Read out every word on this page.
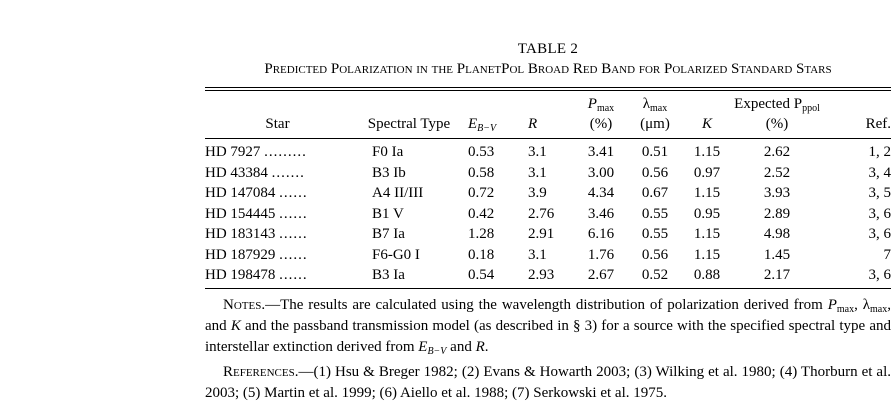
TABLE 2
Predicted Polarization in the PlanetPol Broad Red Band for Polarized Standard Stars
				$P_{max}$	$\lambda_{max}$		Expected $P_{ppol}$	
Star	Spectral Type	$E_{B-V}$	R	(%)	(μm)	K	(%)	Ref.

HD 7927 .........	F0 Ia	0.53	3.1	3.41	0.51	1.15	2.62	1, 2
HD 43384 .......	B3 Ib	0.58	3.1	3.00	0.56	0.97	2.52	3, 4
HD 147084 ......	A4 II/III	0.72	3.9	4.34	0.67	1.15	3.93	3, 5
HD 154445 ......	B1 V	0.42	2.76	3.46	0.55	0.95	2.89	3, 6
HD 183143 ......	B7 Ia	1.28	2.91	6.16	0.55	1.15	4.98	3, 6
HD 187929 ......	F6-G0 I	0.18	3.1	1.76	0.56	1.15	1.45	7
HD 198478 ......	B3 Ia	0.54	2.93	2.67	0.52	0.88	2.17	3, 6

Notes.—The results are calculated using the wavelength distribution of polarization derived from $P_{max}$, $\lambda_{max}$, and K and the passband transmission model (as described in § 3) for a source with the specified spectral type and interstellar extinction derived from $E_{B-V}$ and R.

References.—(1) Hsu & Breger 1982; (2) Evans & Howarth 2003; (3) Wilking et al. 1980; (4) Thorburn et al. 2003; (5) Martin et al. 1999; (6) Aiello et al. 1988; (7) Serkowski et al. 1975.
